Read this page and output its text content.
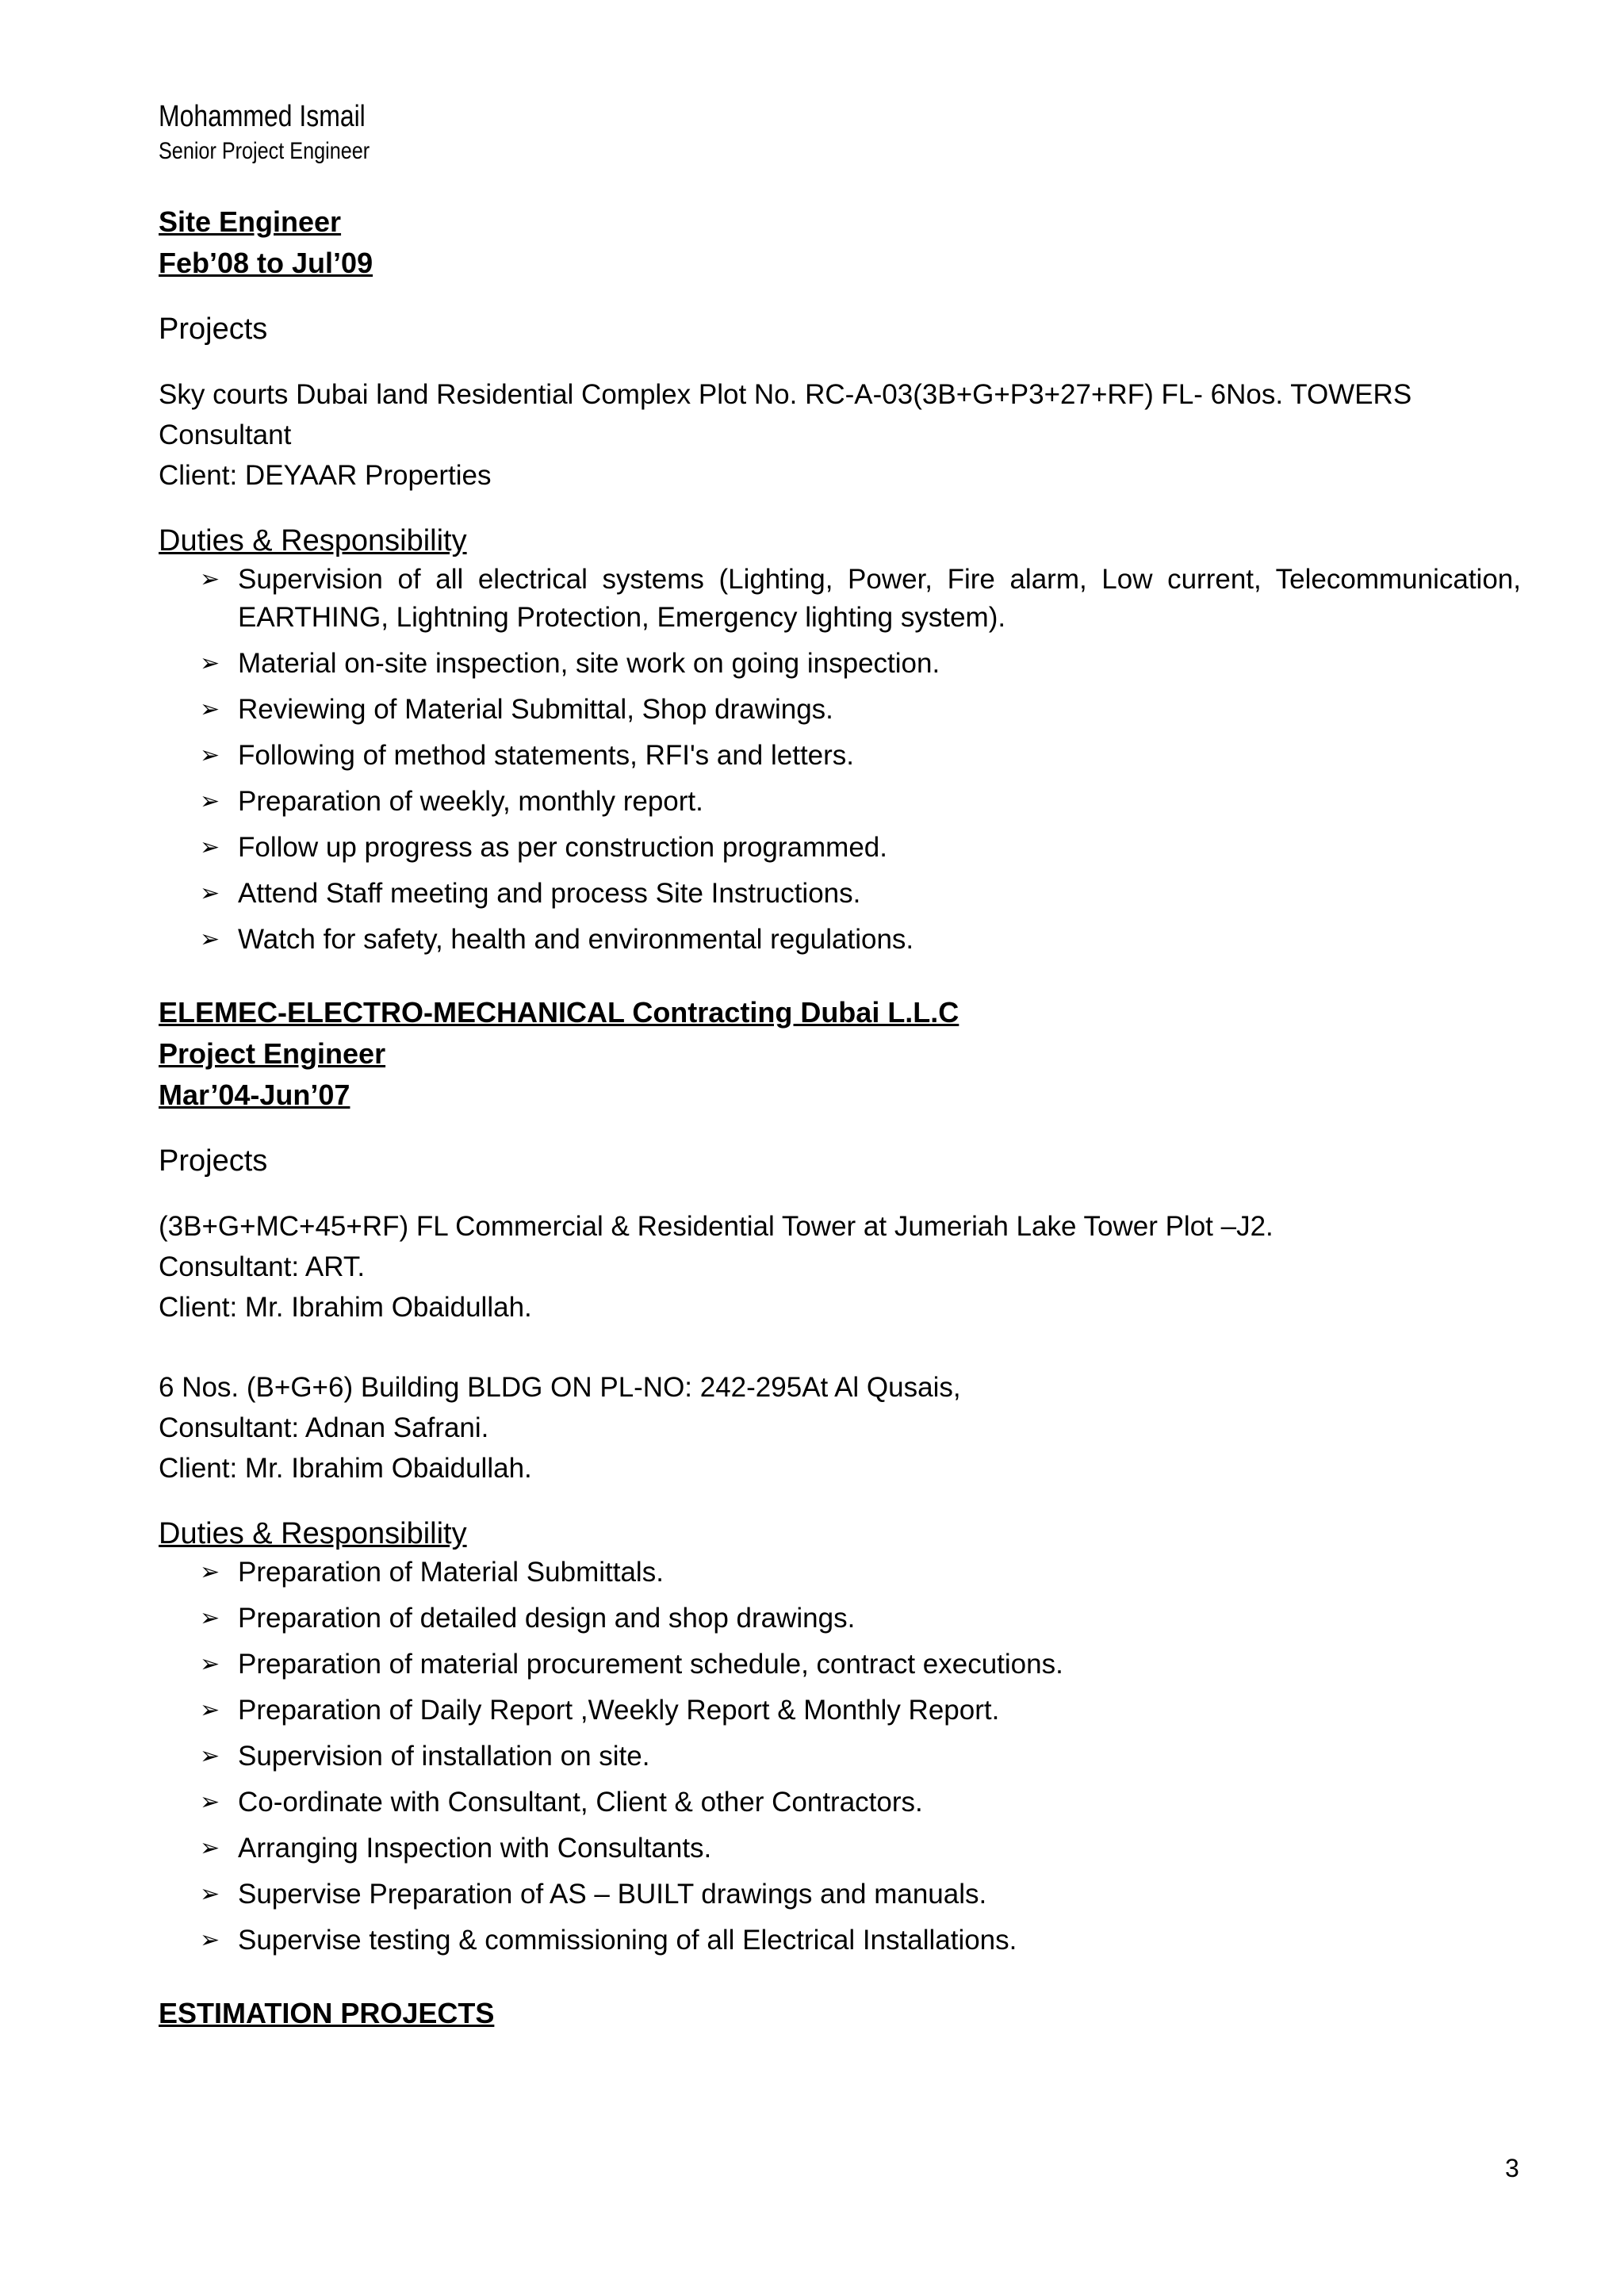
Mohammed Ismail
Senior Project Engineer
Site Engineer
Feb’08 to Jul’09
Projects
Sky courts Dubai land Residential Complex Plot No. RC-A-03(3B+G+P3+27+RF) FL- 6Nos. TOWERS
Consultant
Client: DEYAAR Properties
Duties & Responsibility
➢ Supervision of all electrical systems (Lighting, Power, Fire alarm, Low current, Telecommunication, EARTHING, Lightning Protection, Emergency lighting system).
➢ Material on-site inspection, site work on going inspection.
➢ Reviewing of Material Submittal, Shop drawings.
➢ Following of method statements, RFI's and letters.
➢ Preparation of weekly, monthly report.
➢ Follow up progress as per construction programmed.
➢ Attend Staff meeting and process Site Instructions.
➢ Watch for safety, health and environmental regulations.
ELEMEC-ELECTRO-MECHANICAL Contracting Dubai L.L.C
Project Engineer
Mar’04-Jun’07
Projects
(3B+G+MC+45+RF) FL Commercial & Residential Tower at Jumeriah Lake Tower Plot –J2.
Consultant: ART.
Client: Mr. Ibrahim Obaidullah.
6 Nos. (B+G+6) Building BLDG ON PL-NO: 242-295At Al Qusais,
Consultant: Adnan Safrani.
Client: Mr. Ibrahim Obaidullah.
Duties & Responsibility
➢ Preparation of Material Submittals.
➢ Preparation of detailed design and shop drawings.
➢ Preparation of material procurement schedule, contract executions.
➢ Preparation of Daily Report ,Weekly Report & Monthly Report.
➢ Supervision of installation on site.
➢ Co-ordinate with Consultant, Client & other Contractors.
➢ Arranging Inspection with Consultants.
➢ Supervise Preparation of AS – BUILT drawings and manuals.
➢ Supervise testing & commissioning of all Electrical Installations.
ESTIMATION PROJECTS
3
